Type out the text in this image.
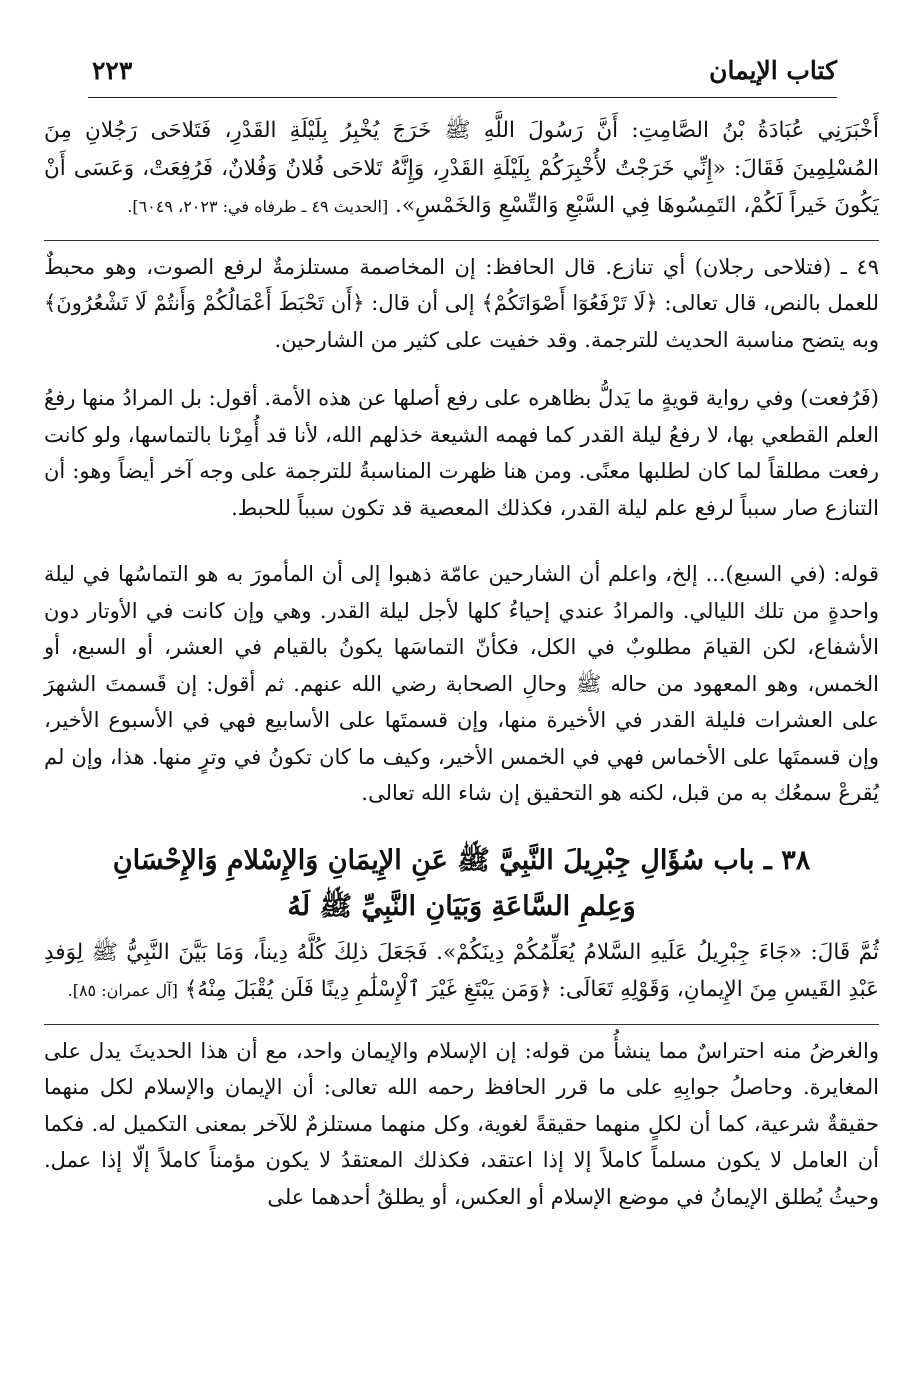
كتاب الإيمان
٢٢٣

أَخْبَرَنِي عُبَادَةُ بْنُ الصَّامِتِ: أَنَّ رَسُولَ اللَّهِ ﷺ خَرَجَ يُخْبِرُ بِلَيْلَةِ القَدْرِ، فَتَلاحَى رَجُلانِ مِنَ المُسْلِمِينَ فَقَالَ: «إِنِّي خَرَجْتُ لأُخْبِرَكُمْ بِلَيْلَةِ القَدْرِ، وَإِنَّهُ تَلاحَى فُلانٌ وَفُلانٌ، فَرُفِعَتْ، وَعَسَى أَنْ يَكُونَ خَيراً لَكُمْ، التَمِسُوهَا فِي السَّبْعِ وَالتِّسْعِ وَالخَمْسِ». [الحديث ٤٩ ـ طرفاه في: ٢٠٢٣، ٦٠٤٩].

٤٩ ـ (فتلاحى رجلان) أي تنازع. قال الحافظ: إن المخاصمة مستلزمةٌ لرفع الصوت، وهو محبطٌ للعمل بالنص، قال تعالى: ﴿لَا تَرْفَعُوٓا أَصْوَاتَكُمْ﴾ إلى أن قال: ﴿أَن تَحْبَطَ أَعْمَالُكُمْ وَأَنتُمْ لَا تَشْعُرُونَ﴾ وبه يتضح مناسبة الحديث للترجمة. وقد خفيت على كثير من الشارحين.

(فَرُفعت) وفي رواية قويةٍ ما يَدلُّ بظاهره على رفع أصلها عن هذه الأمة. أقول: بل المرادُ منها رفعُ العلم القطعي بها، لا رفعُ ليلة القدر كما فهمه الشيعة خذلهم الله، لأنا قد أُمِرْنا بالتماسها، ولو كانت رفعت مطلقاً لما كان لطلبها معنًى. ومن هنا ظهرت المناسبةُ للترجمة على وجه آخر أيضاً وهو: أن التنازع صار سبباً لرفع علم ليلة القدر، فكذلك المعصية قد تكون سبباً للحبط.

قوله: (في السبع)... إلخ، واعلم أن الشارحين عامّة ذهبوا إلى أن المأمورَ به هو التماسُها في ليلة واحدةٍ من تلك الليالي. والمرادُ عندي إحياءُ كلها لأجل ليلة القدر. وهي وإن كانت في الأوتار دون الأشفاع، لكن القيامَ مطلوبٌ في الكل، فكأنّ التماسَها يكونُ بالقيام في العشر، أو السبع، أو الخمس، وهو المعهود من حاله ﷺ وحالِ الصحابة رضي الله عنهم. ثم أقول: إن قَسمتَ الشهرَ على العشرات فليلة القدر في الأخيرة منها، وإن قسمتَها على الأسابيع فهي في الأسبوع الأخير، وإن قسمتَها على الأخماس فهي في الخمس الأخير، وكيف ما كان تكونُ في وترٍ منها. هذا، وإن لم يُقرعْ سمعُك به من قبل، لكنه هو التحقيق إن شاء الله تعالى.

٣٨ ـ باب سُؤَالِ جِبْرِيلَ النَّبِيَّ ﷺ عَنِ الإِيمَانِ وَالإِسْلامِ وَالإِحْسَانِ
وَعِلمِ السَّاعَةِ وَبَيَانِ النَّبِيِّ ﷺ لَهُ

ثُمَّ قَالَ: «جَاءَ جِبْرِيلُ عَلَيهِ السَّلامُ يُعَلِّمُكُمْ دِينَكُمْ». فَجَعَلَ ذلِكَ كُلَّهُ دِيناً، وَمَا بَيَّنَ النَّبِيُّ ﷺ لِوَفدِ عَبْدِ القَيسِ مِنَ الإِيمانِ، وَقَوْلِهِ تَعَالَى: ﴿وَمَن يَبْتَغِ غَيْرَ ٱلْإِسْلَٰمِ دِينًا فَلَن يُقْبَلَ مِنْهُ﴾ [آل عمران: ٨٥].

والغرضُ منه احتراسٌ مما ينشأُ من قوله: إن الإسلام والإيمان واحد، مع أن هذا الحديثَ يدل على المغايرة. وحاصلُ جوابِهِ على ما قرر الحافظ رحمه الله تعالى: أن الإيمان والإسلام لكل منهما حقيقةٌ شرعية، كما أن لكلٍ منهما حقيقةً لغوية، وكل منهما مستلزمٌ للآخر بمعنى التكميل له. فكما أن العامل لا يكون مسلماً كاملاً إلا إذا اعتقد، فكذلك المعتقدُ لا يكون مؤمناً كاملاً إلّا إذا عمل. وحيثُ يُطلق الإيمانُ في موضع الإسلام أو العكس، أو يطلقُ أحدهما على
